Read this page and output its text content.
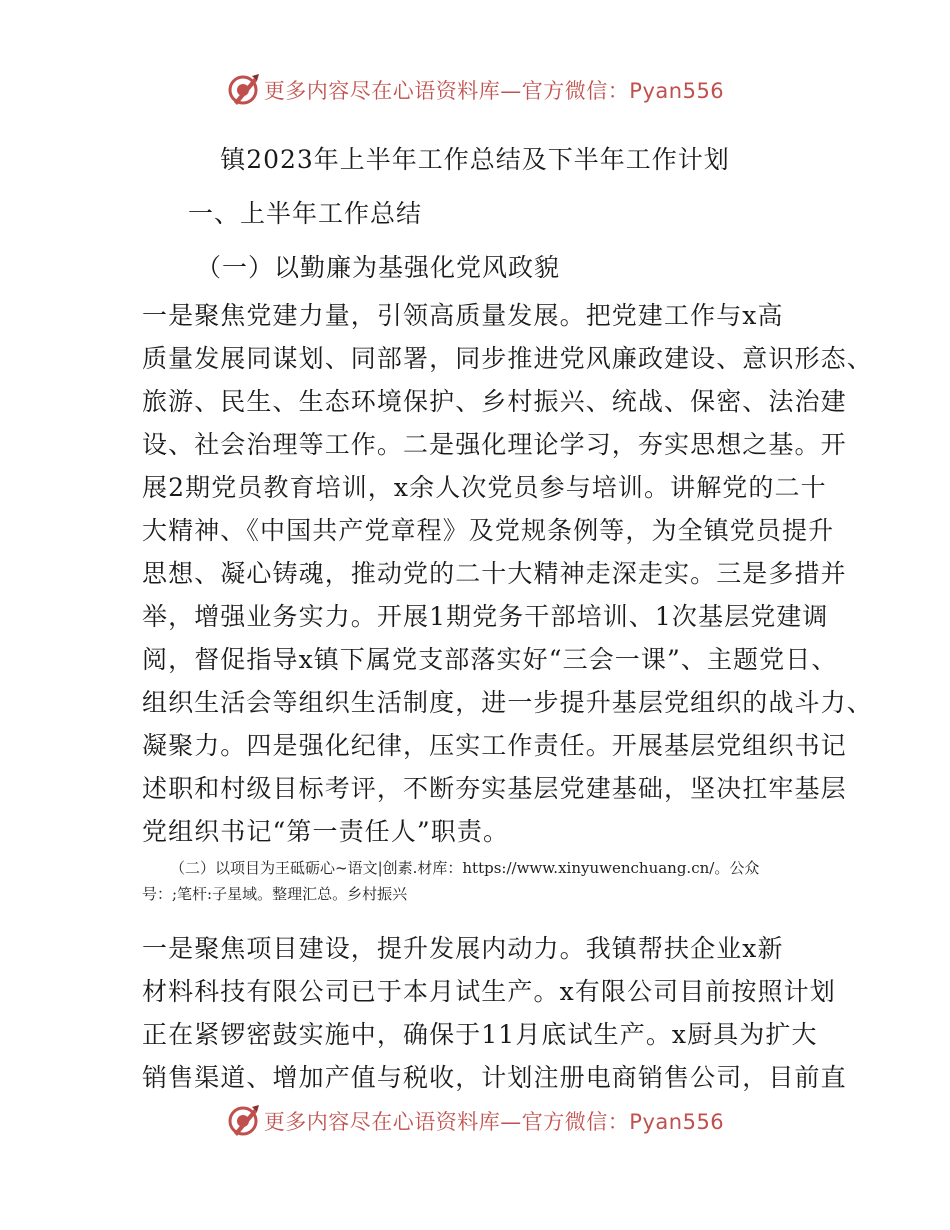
更多内容尽在心语资料库—官方微信：Pyan556
镇2023年上半年工作总结及下半年工作计划
一、上半年工作总结
（一）以勤廉为基强化党风政貌
一是聚焦党建力量，引领高质量发展。把党建工作与x高
质量发展同谋划、同部署，同步推进党风廉政建设、意识形态、
旅游、民生、生态环境保护、乡村振兴、统战、保密、法治建
设、社会治理等工作。二是强化理论学习，夯实思想之基。开
展2期党员教育培训，x余人次党员参与培训。讲解党的二十
大精神、《中国共产党章程》及党规条例等，为全镇党员提升
思想、凝心铸魂，推动党的二十大精神走深走实。三是多措并
举，增强业务实力。开展1期党务干部培训、1次基层党建调
阅，督促指导x镇下属党支部落实好“三会一课”、主题党日、
组织生活会等组织生活制度，进一步提升基层党组织的战斗力、
凝聚力。四是强化纪律，压实工作责任。开展基层党组织书记
述职和村级目标考评，不断夯实基层党建基础，坚决扛牢基层
党组织书记“第一责任人”职责。
（二）以项目为王砥砺心~语文|创素.材库：https://www.xinyuwenchuang.cn/。公众
号：;笔杆:子星域。整理汇总。乡村振兴
一是聚焦项目建设，提升发展内动力。我镇帮扶企业x新
材料科技有限公司已于本月试生产。x有限公司目前按照计划
正在紧锣密鼓实施中，确保于11月底试生产。x厨具为扩大
销售渠道、增加产值与税收，计划注册电商销售公司，目前直
更多内容尽在心语资料库—官方微信：Pyan556
